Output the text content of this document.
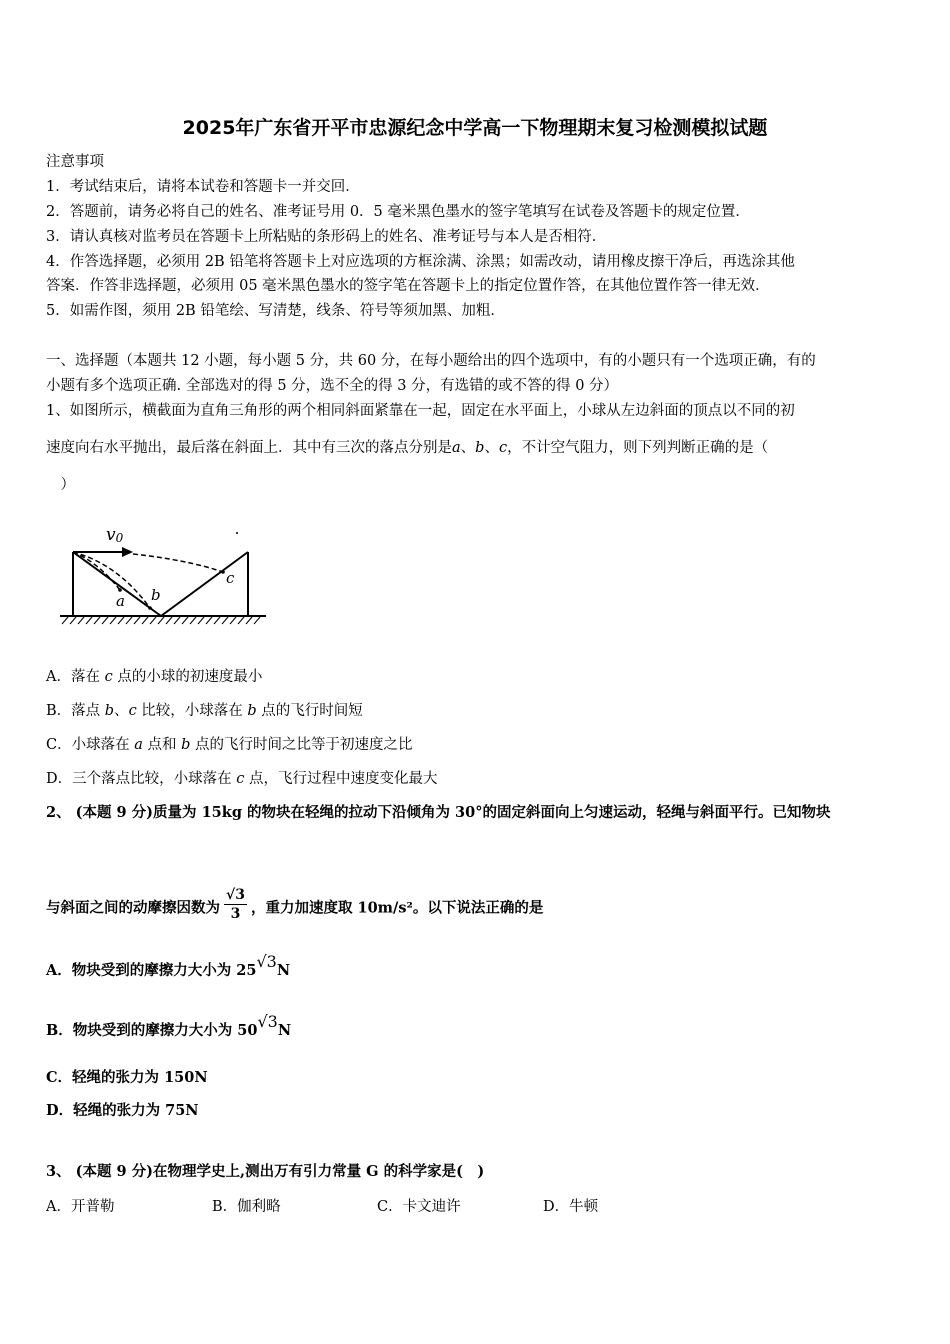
2025年广东省开平市忠源纪念中学高一下物理期末复习检测模拟试题
注意事项
1．考试结束后，请将本试卷和答题卡一并交回．
2．答题前，请务必将自己的姓名、准考证号用 0．5 毫米黑色墨水的签字笔填写在试卷及答题卡的规定位置．
3．请认真核对监考员在答题卡上所粘贴的条形码上的姓名、准考证号与本人是否相符．
4．作答选择题，必须用 2B 铅笔将答题卡上对应选项的方框涂满、涂黑；如需改动，请用橡皮擦干净后，再选涂其他
答案．作答非选择题，必须用 05 毫米黑色墨水的签字笔在答题卡上的指定位置作答，在其他位置作答一律无效．
5．如需作图，须用 2B 铅笔绘、写清楚，线条、符号等须加黑、加粗．
一、选择题（本题共 12 小题，每小题 5 分，共 60 分，在每小题给出的四个选项中，有的小题只有一个选项正确，有的
小题有多个选项正确. 全部选对的得 5 分，选不全的得 3 分，有选错的或不答的得 0 分）
1、如图所示，横截面为直角三角形的两个相同斜面紧靠在一起，固定在水平面上，小球从左边斜面的顶点以不同的初
速度向右水平抛出，最后落在斜面上．其中有三次的落点分别是a、b、c，不计空气阻力，则下列判断正确的是（
　）
v0
a b
c
A．落在 c 点的小球的初速度最小
B．落点 b、c 比较，小球落在 b 点的飞行时间短
C．小球落在 a 点和 b 点的飞行时间之比等于初速度之比
D．三个落点比较，小球落在 c 点，飞行过程中速度变化最大
2、 (本题 9 分)质量为 15kg 的物块在轻绳的拉动下沿倾角为 30°的固定斜面向上匀速运动，轻绳与斜面平行。已知物块
与斜面之间的动摩擦因数为 $\frac{√3}{3}$ ，重力加速度取 10m/s²。以下说法正确的是
A．物块受到的摩擦力大小为 25√3N
B．物块受到的摩擦力大小为 50√3N
C．轻绳的张力为 150N
D．轻绳的张力为 75N
3、 (本题 9 分)在物理学史上,测出万有引力常量 G 的科学家是(　)
A．开普勒	B．伽利略	C．卡文迪许	D．牛顿
